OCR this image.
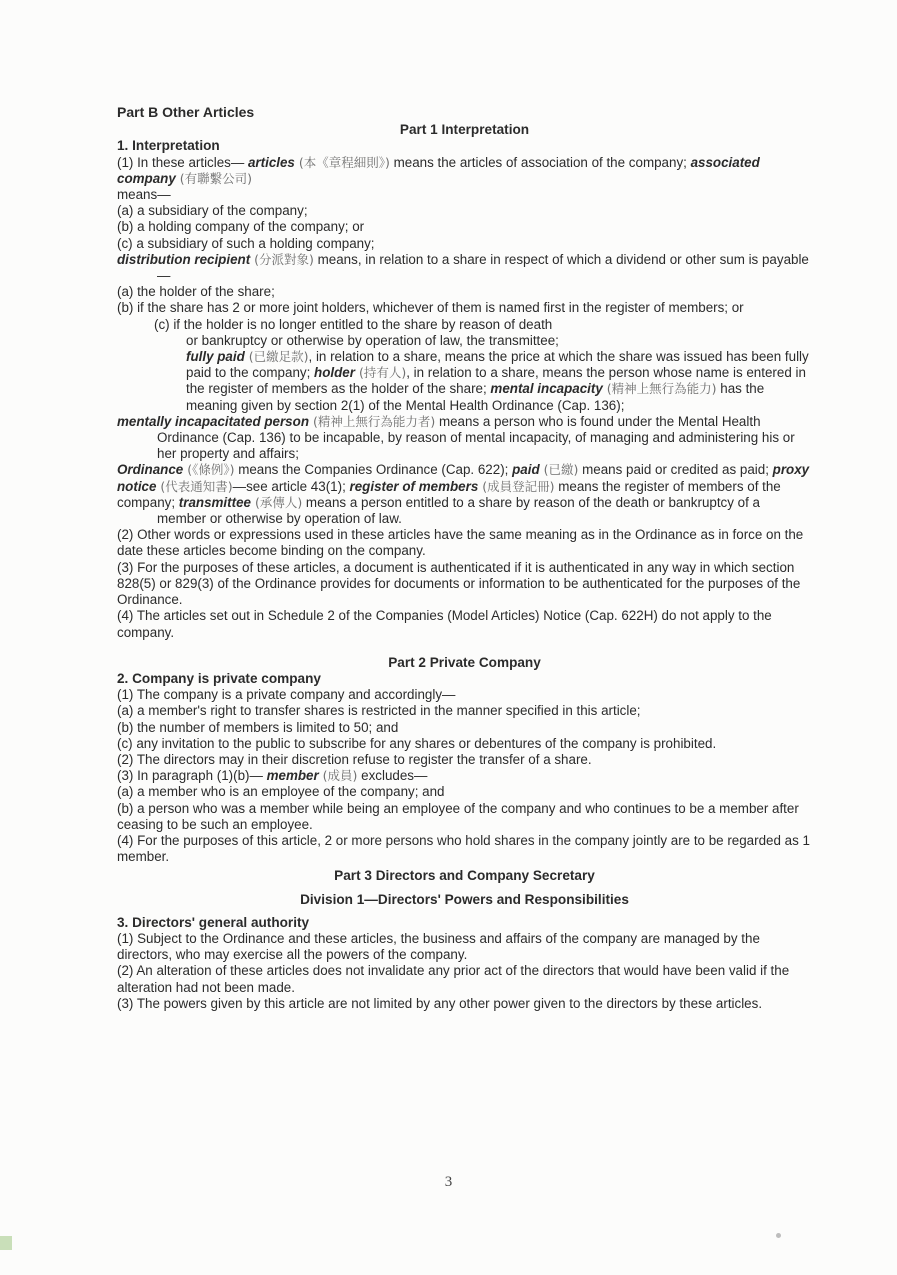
Part B Other Articles

Part 1 Interpretation

1. Interpretation

(1) In these articles— articles (本《章程細則》) means the articles of association of the company; associated company (有聯繫公司)
means—

(a) a subsidiary of the company;

(b) a holding company of the company; or

(c) a subsidiary of such a holding company;

distribution recipient (分派對象) means, in relation to a share in respect of which a dividend or other sum is payable—

(a) the holder of the share;

(b) if the share has 2 or more joint holders, whichever of them is named first in the register of members; or

(c) if the holder is no longer entitled to the share by reason of death

or bankruptcy or otherwise by operation of law, the transmittee;

fully paid (已繳足款), in relation to a share, means the price at which the share was issued has been fully paid to the company; holder (持有人), in relation to a share, means the person whose name is entered in the register of members as the holder of the share; mental incapacity (精神上無行為能力) has the meaning given by section 2(1) of the Mental Health Ordinance (Cap. 136);

mentally incapacitated person (精神上無行為能力者) means a person who is found under the Mental Health Ordinance (Cap. 136) to be incapable, by reason of mental incapacity, of managing and administering his or her property and affairs;

Ordinance (《條例》) means the Companies Ordinance (Cap. 622); paid (已繳) means paid or credited as paid; proxy notice (代表通知書)—see article 43(1); register of members (成員登記冊) means the register of members of the company; transmittee (承傳人) means a person entitled to a share by reason of the death or bankruptcy of a

member or otherwise by operation of law.

(2) Other words or expressions used in these articles have the same meaning as in the Ordinance as in force on the date these articles become binding on the company.

(3) For the purposes of these articles, a document is authenticated if it is authenticated in any way in which section 828(5) or 829(3) of the Ordinance provides for documents or information to be authenticated for the purposes of the Ordinance.

(4) The articles set out in Schedule 2 of the Companies (Model Articles) Notice (Cap. 622H) do not apply to the company.

Part 2 Private Company

2. Company is private company

(1) The company is a private company and accordingly—

(a) a member's right to transfer shares is restricted in the manner specified in this article;

(b) the number of members is limited to 50; and

(c) any invitation to the public to subscribe for any shares or debentures of the company is prohibited.

(2) The directors may in their discretion refuse to register the transfer of a share.

(3) In paragraph (1)(b)— member (成員) excludes—

(a) a member who is an employee of the company; and

(b) a person who was a member while being an employee of the company and who continues to be a member after ceasing to be such an employee.

(4) For the purposes of this article, 2 or more persons who hold shares in the company jointly are to be regarded as 1 member.

Part 3 Directors and Company Secretary

Division 1—Directors' Powers and Responsibilities

3. Directors' general authority

(1) Subject to the Ordinance and these articles, the business and affairs of the company are managed by the directors, who may exercise all the powers of the company.

(2) An alteration of these articles does not invalidate any prior act of the directors that would have been valid if the alteration had not been made.

(3) The powers given by this article are not limited by any other power given to the directors by these articles.

3
